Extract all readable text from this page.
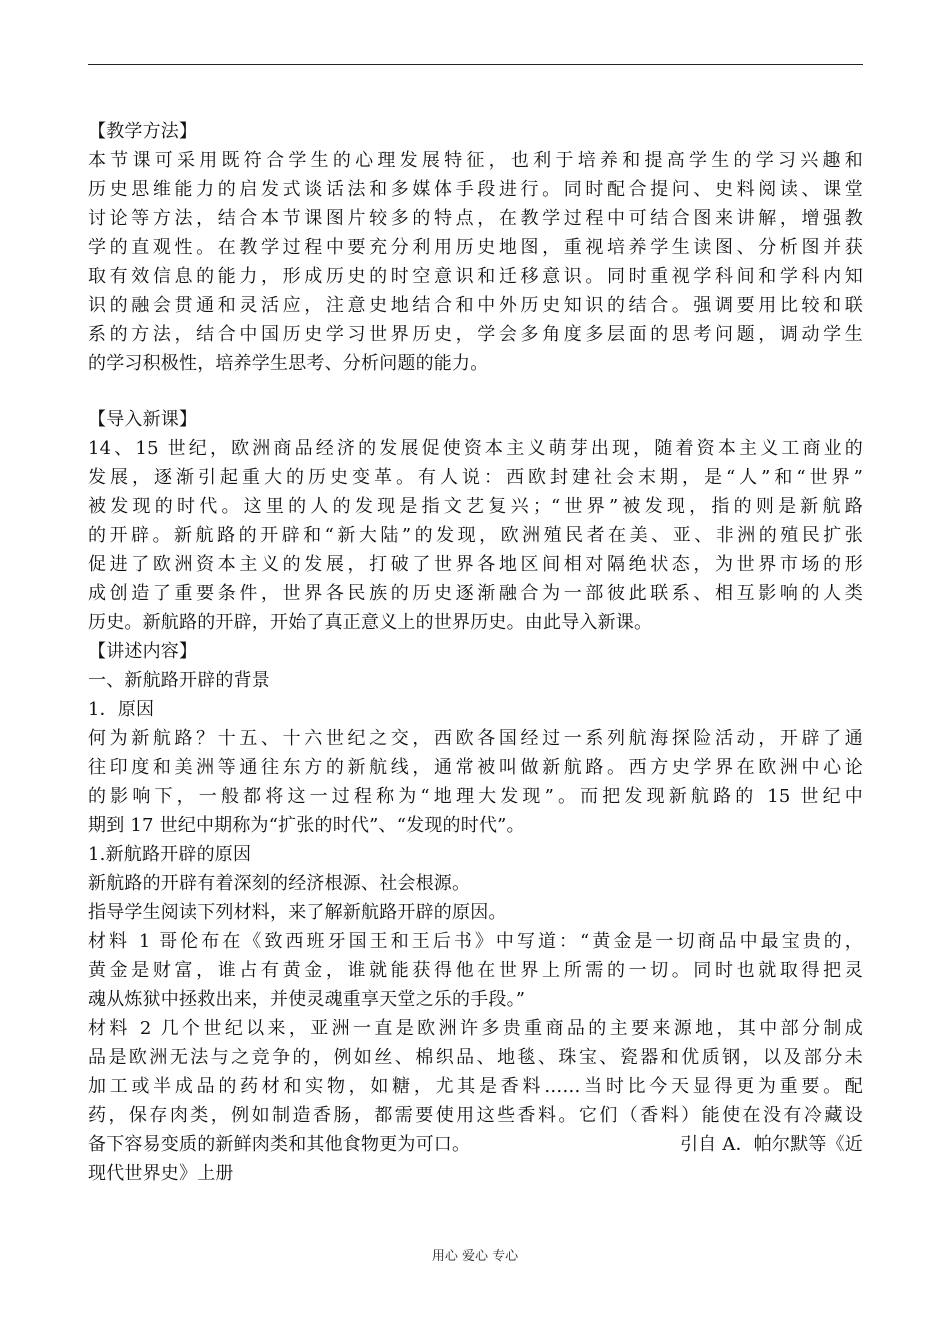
【教学方法】
本节课可采用既符合学生的心理发展特征，也利于培养和提高学生的学习兴趣和
历史思维能力的启发式谈话法和多媒体手段进行。同时配合提问、史料阅读、课堂
讨论等方法，结合本节课图片较多的特点，在教学过程中可结合图来讲解，增强教
学的直观性。在教学过程中要充分利用历史地图，重视培养学生读图、分析图并获
取有效信息的能力，形成历史的时空意识和迁移意识。同时重视学科间和学科内知
识的融会贯通和灵活应，注意史地结合和中外历史知识的结合。强调要用比较和联
系的方法，结合中国历史学习世界历史，学会多角度多层面的思考问题，调动学生
的学习积极性，培养学生思考、分析问题的能力。
【导入新课】
14、15 世纪，欧洲商品经济的发展促使资本主义萌芽出现，随着资本主义工商业的
发展，逐渐引起重大的历史变革。有人说：西欧封建社会末期，是“人”和“世界”
被发现的时代。这里的人的发现是指文艺复兴；“世界”被发现，指的则是新航路
的开辟。新航路的开辟和“新大陆”的发现，欧洲殖民者在美、亚、非洲的殖民扩张
促进了欧洲资本主义的发展，打破了世界各地区间相对隔绝状态，为世界市场的形
成创造了重要条件，世界各民族的历史逐渐融合为一部彼此联系、相互影响的人类
历史。新航路的开辟，开始了真正意义上的世界历史。由此导入新课。
【讲述内容】
一、新航路开辟的背景
1．原因
何为新航路？十五、十六世纪之交，西欧各国经过一系列航海探险活动，开辟了通
往印度和美洲等通往东方的新航线，通常被叫做新航路。西方史学界在欧洲中心论
的影响下，一般都将这一过程称为“地理大发现”。而把发现新航路的 15 世纪中
期到 17 世纪中期称为“扩张的时代”、“发现的时代”。
1.新航路开辟的原因
新航路的开辟有着深刻的经济根源、社会根源。
指导学生阅读下列材料，来了解新航路开辟的原因。
材料 1 哥伦布在《致西班牙国王和王后书》中写道：“黄金是一切商品中最宝贵的，
黄金是财富，谁占有黄金，谁就能获得他在世界上所需的一切。同时也就取得把灵
魂从炼狱中拯救出来，并使灵魂重享天堂之乐的手段。”
材料 2 几个世纪以来，亚洲一直是欧洲许多贵重商品的主要来源地，其中部分制成
品是欧洲无法与之竞争的，例如丝、棉织品、地毯、珠宝、瓷器和优质钢，以及部分未
加工或半成品的药材和实物，如糖，尤其是香料……当时比今天显得更为重要。配
药，保存肉类，例如制造香肠，都需要使用这些香料。它们（香料）能使在没有冷藏设
备下容易变质的新鲜肉类和其他食物更为可口。	引自 A．帕尔默等《近
现代世界史》上册
用心 爱心 专心
